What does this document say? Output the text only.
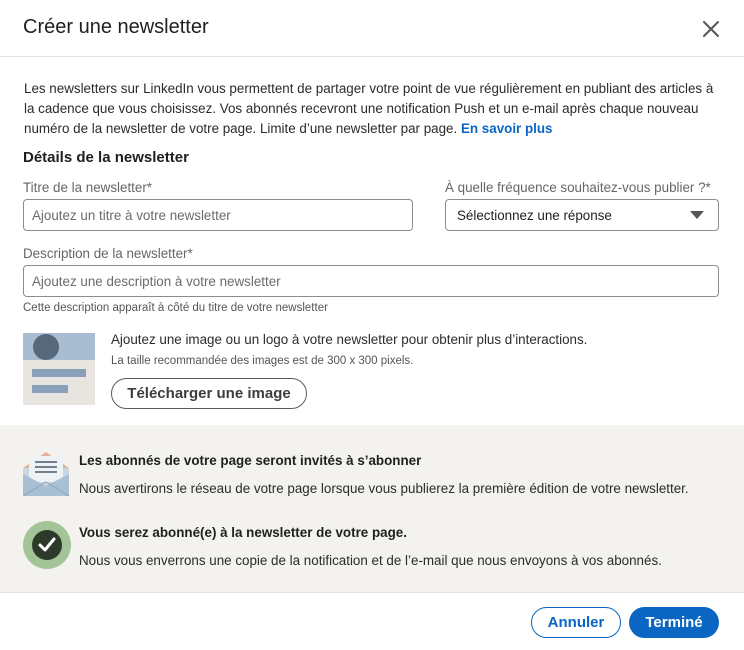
Créer une newsletter

Les newsletters sur LinkedIn vous permettent de partager votre point de vue régulièrement en publiant des articles à la cadence que vous choisissez. Vos abonnés recevront une notification Push et un e-mail après chaque nouveau numéro de la newsletter de votre page. Limite d’une newsletter par page. En savoir plus

Détails de la newsletter
Titre de la newsletter*
Ajoutez un titre à votre newsletter	À quelle fréquence souhaitez-vous publier ?*
Sélectionnez une réponse
Description de la newsletter*
Ajoutez une description à votre newsletter
Cette description apparaît à côté du titre de votre newsletter
Ajoutez une image ou un logo à votre newsletter pour obtenir plus d’interactions.
La taille recommandée des images est de 300 x 300 pixels.
Télécharger une image
Les abonnés de votre page seront invités à s’abonner
Nous avertirons le réseau de votre page lorsque vous publierez la première édition de votre newsletter.
Vous serez abonné(e) à la newsletter de votre page.
Nous vous enverrons une copie de la notification et de l’e-mail que nous envoyons à vos abonnés.
Annuler	Terminé
